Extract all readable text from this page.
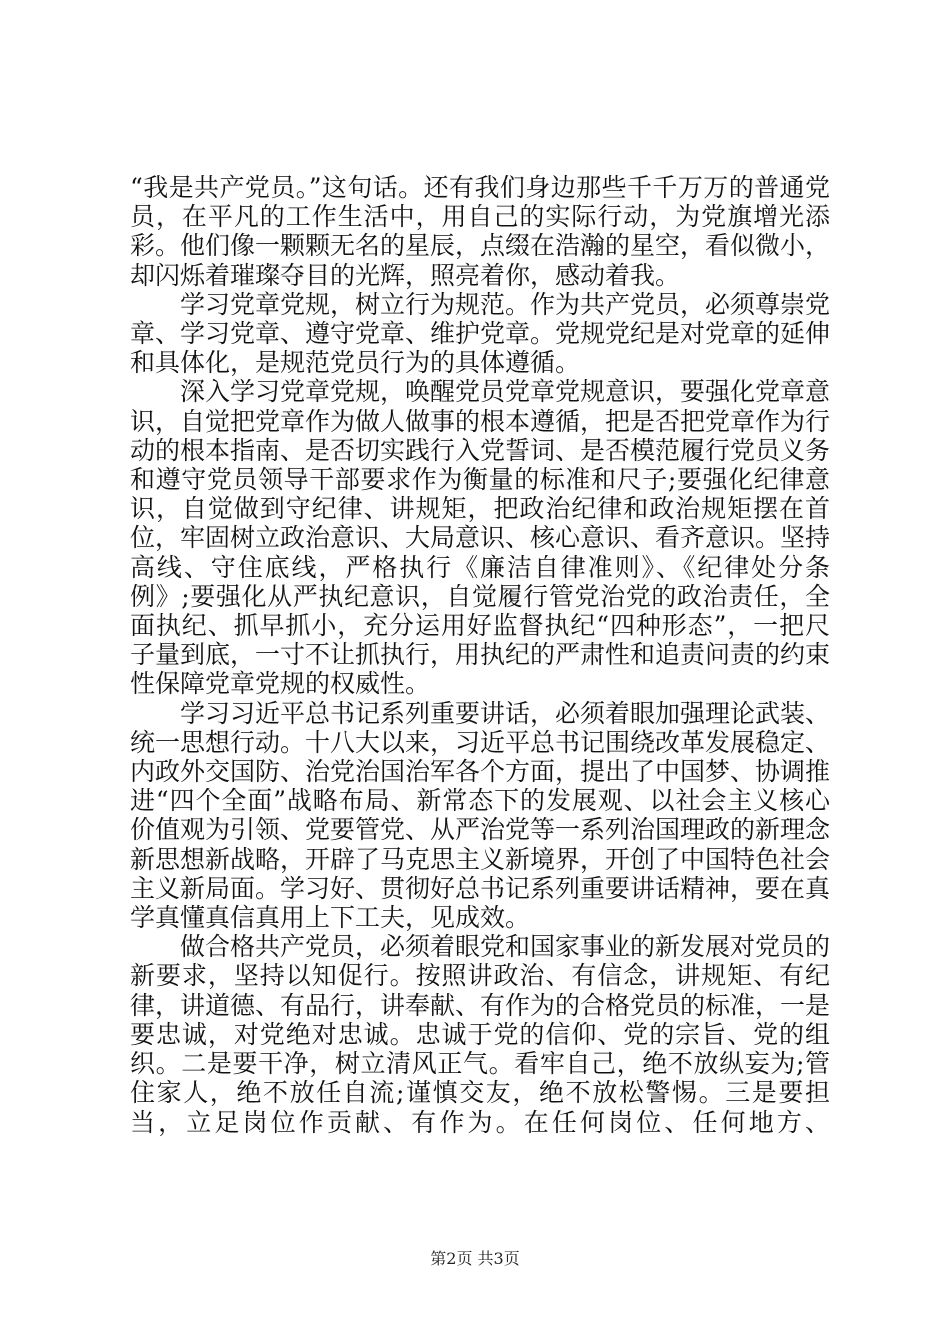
“我是共产党员。”这句话。还有我们身边那些千千万万的普通党员，在平凡的工作生活中，用自己的实际行动，为党旗增光添彩。他们像一颗颗无名的星辰，点缀在浩瀚的星空，看似微小，却闪烁着璀璨夺目的光辉，照亮着你，感动着我。

学习党章党规，树立行为规范。作为共产党员，必须尊崇党章、学习党章、遵守党章、维护党章。党规党纪是对党章的延伸和具体化，是规范党员行为的具体遵循。

深入学习党章党规，唤醒党员党章党规意识，要强化党章意识，自觉把党章作为做人做事的根本遵循，把是否把党章作为行动的根本指南、是否切实践行入党誓词、是否模范履行党员义务和遵守党员领导干部要求作为衡量的标准和尺子;要强化纪律意识，自觉做到守纪律、讲规矩，把政治纪律和政治规矩摆在首位，牢固树立政治意识、大局意识、核心意识、看齐意识。坚持高线、守住底线，严格执行《廉洁自律准则》、《纪律处分条例》;要强化从严执纪意识，自觉履行管党治党的政治责任，全面执纪、抓早抓小，充分运用好监督执纪“四种形态”，一把尺子量到底，一寸不让抓执行，用执纪的严肃性和追责问责的约束性保障党章党规的权威性。

学习习近平总书记系列重要讲话，必须着眼加强理论武装、统一思想行动。十八大以来，习近平总书记围绕改革发展稳定、内政外交国防、治党治国治军各个方面，提出了中国梦、协调推进“四个全面”战略布局、新常态下的发展观、以社会主义核心价值观为引领、党要管党、从严治党等一系列治国理政的新理念新思想新战略，开辟了马克思主义新境界，开创了中国特色社会主义新局面。学习好、贯彻好总书记系列重要讲话精神，要在真学真懂真信真用上下工夫，见成效。

做合格共产党员，必须着眼党和国家事业的新发展对党员的新要求，坚持以知促行。按照讲政治、有信念，讲规矩、有纪律，讲道德、有品行，讲奉献、有作为的合格党员的标准，一是要忠诚，对党绝对忠诚。忠诚于党的信仰、党的宗旨、党的组织。二是要干净，树立清风正气。看牢自己，绝不放纵妄为;管住家人，绝不放任自流;谨慎交友，绝不放松警惕。三是要担当，立足岗位作贡献、有作为。在任何岗位、任何地方、

第2页 共3页
